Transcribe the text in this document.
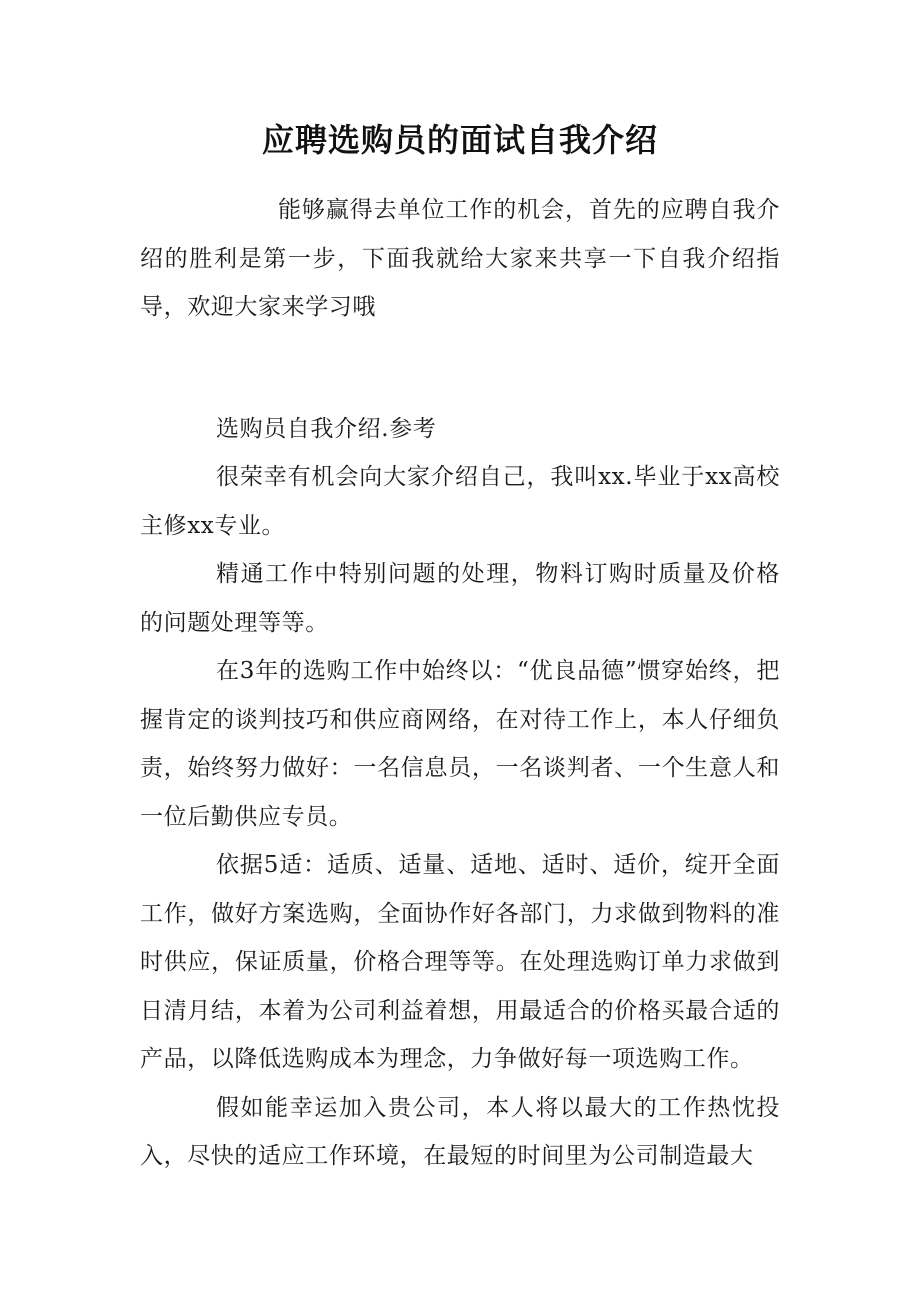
应聘选购员的面试自我介绍

能够赢得去单位工作的机会，首先的应聘自我介绍的胜利是第一步，下面我就给大家来共享一下自我介绍指导，欢迎大家来学习哦

选购员自我介绍.参考

很荣幸有机会向大家介绍自己，我叫xx.毕业于xx高校主修xx专业。

精通工作中特别问题的处理，物料订购时质量及价格的问题处理等等。

在3年的选购工作中始终以：“优良品德”惯穿始终，把握肯定的谈判技巧和供应商网络，在对待工作上，本人仔细负责，始终努力做好：一名信息员，一名谈判者、一个生意人和一位后勤供应专员。

依据5适：适质、适量、适地、适时、适价，绽开全面工作，做好方案选购，全面协作好各部门，力求做到物料的准时供应，保证质量，价格合理等等。在处理选购订单力求做到日清月结，本着为公司利益着想，用最适合的价格买最合适的产品，以降低选购成本为理念，力争做好每一项选购工作。

假如能幸运加入贵公司，本人将以最大的工作热忱投入，尽快的适应工作环境，在最短的时间里为公司制造最大
